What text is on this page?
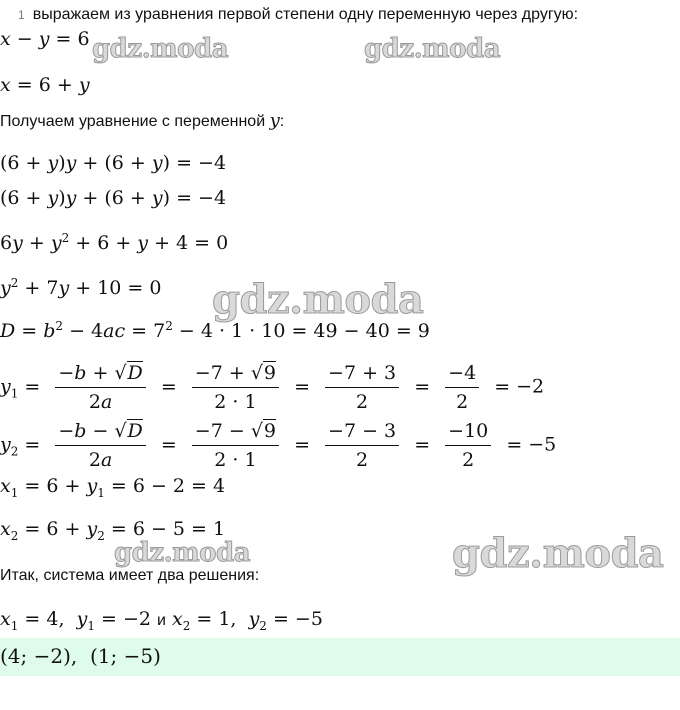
1 выражаем из уравнения первой степени одну переменную через другую:
x − y = 6
x = 6 + y
Получаем уравнение с переменной y:
(6 + y)y + (6 + y) = −4
(6 + y)y + (6 + y) = −4
$6y + y^2 + 6 + y + 4 = 0$
$y^2 + 7y + 10 = 0$
$D = b^2 - 4ac = 7^2 - 4 \cdot 1 \cdot 10 = 49 - 40 = 9$
$y_1 = \frac{-b + √D}{2a} = \frac{-7 + √9}{2 \cdot 1} = \frac{-7 + 3}{2} = \frac{-4}{2} = -2$
$y_2 = \frac{-b - √D}{2a} = \frac{-7 - √9}{2 \cdot 1} = \frac{-7 - 3}{2} = \frac{-10}{2} = -5$
$x_1 = 6 + y_1 = 6 - 2 = 4$
$x_2 = 6 + y_2 = 6 - 5 = 1$
Итак, система имеет два решения:
$x_1 = 4$,  $y_1 = -2$ и $x_2 = 1$,  $y_2 = -5$
(4; −2),  (1; −5)
gdz.moda	gdz.moda
gdz.moda
gdz.moda	gdz.moda
